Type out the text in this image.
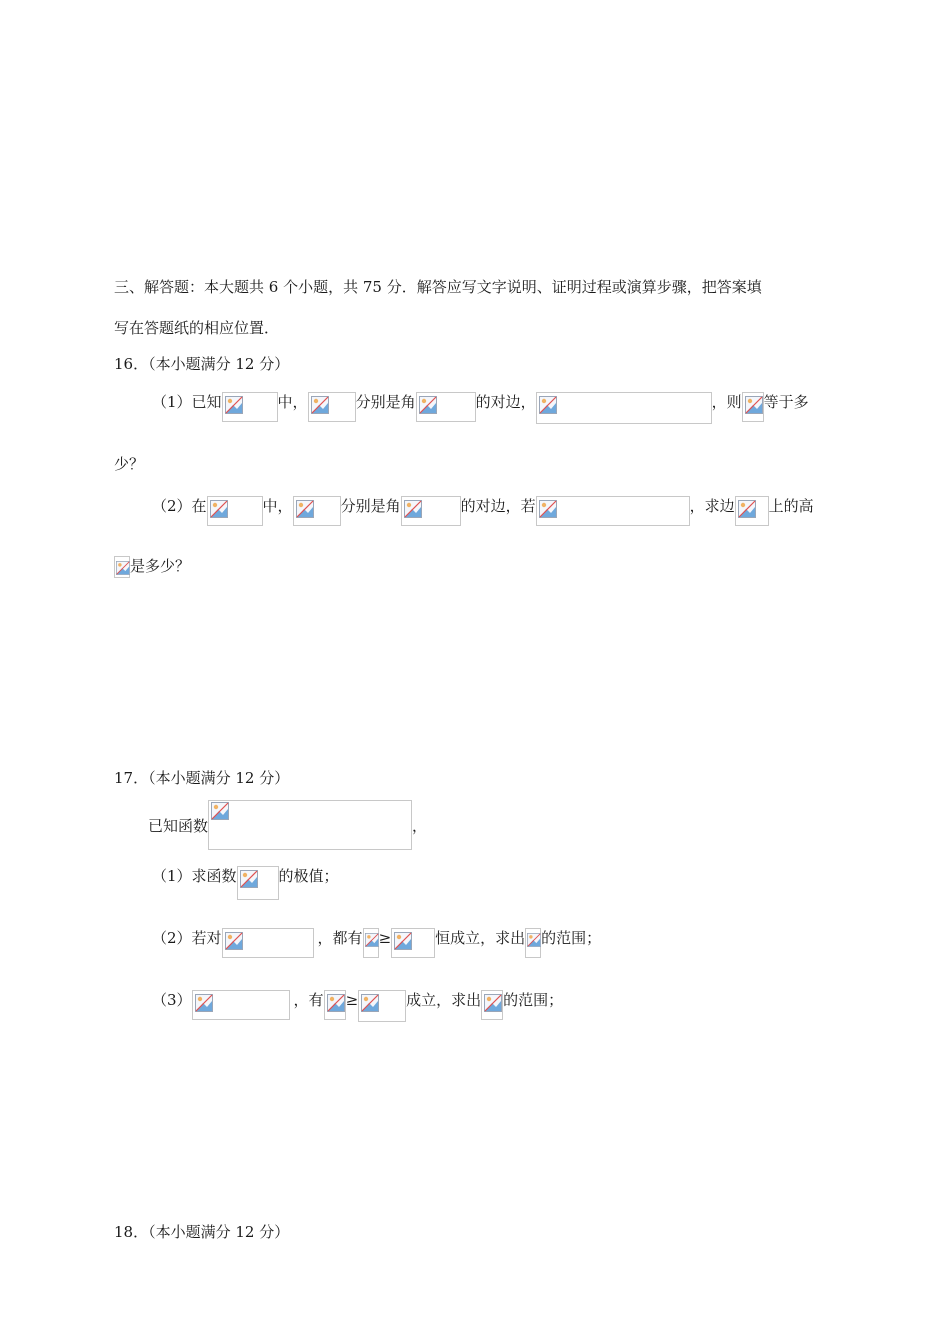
三、解答题：本大题共 6 个小题，共 75 分．解答应写文字说明、证明过程或演算步骤，把答案填
写在答题纸的相应位置．
16．（本小题满分 12 分）
（1）已知	中，	分别是角	的对边，	，则 等于多
少？
（2）在	中，	分别是角	的对边，若	，求边 上的高
是多少？
17．（本小题满分 12 分）
已知函数	，
（1）求函数	的极值；
（2）若对	，都有 ≥	恒成立，求出 的范围；
（3）	，有 ≥	成立，求出 的范围；
18．（本小题满分 12 分）
